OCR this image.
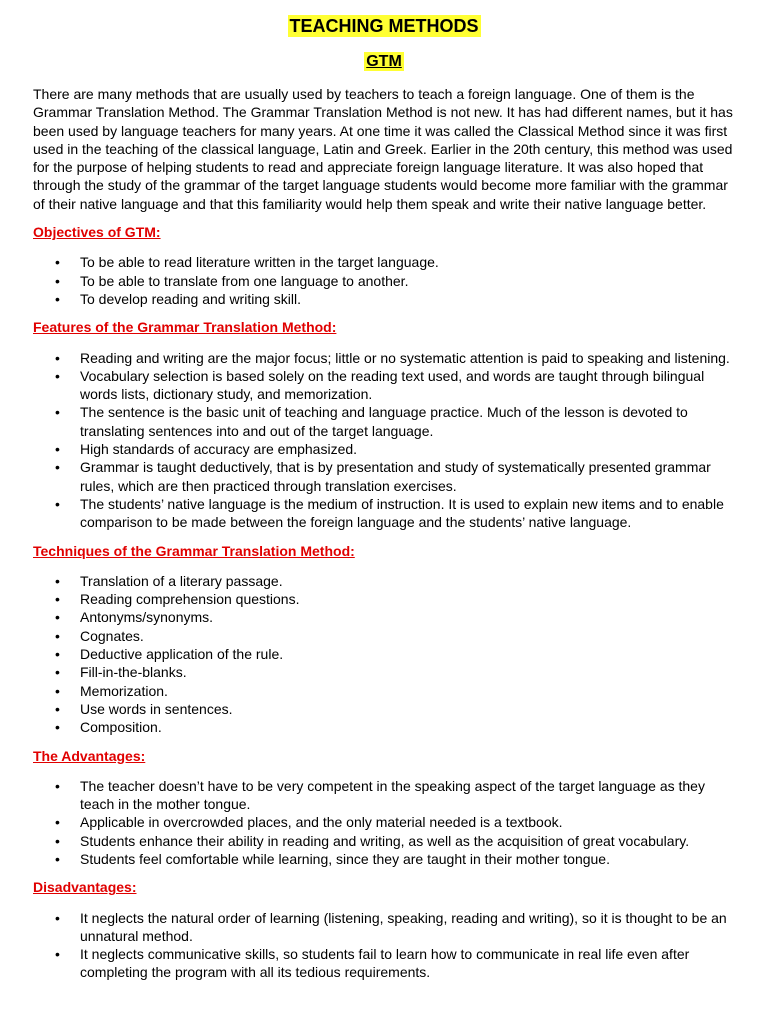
TEACHING METHODS
GTM

There are many methods that are usually used by teachers to teach a foreign language. One of them is the Grammar Translation Method. The Grammar Translation Method is not new. It has had different names, but it has been used by language teachers for many years. At one time it was called the Classical Method since it was first used in the teaching of the classical language, Latin and Greek. Earlier in the 20th century, this method was used for the purpose of helping students to read and appreciate foreign language literature. It was also hoped that through the study of the grammar of the target language students would become more familiar with the grammar of their native language and that this familiarity would help them speak and write their native language better.

Objectives of GTM:
• To be able to read literature written in the target language.
• To be able to translate from one language to another.
• To develop reading and writing skill.
Features of the Grammar Translation Method:
• Reading and writing are the major focus; little or no systematic attention is paid to speaking and listening.
• Vocabulary selection is based solely on the reading text used, and words are taught through bilingual words lists, dictionary study, and memorization.
• The sentence is the basic unit of teaching and language practice. Much of the lesson is devoted to translating sentences into and out of the target language.
• High standards of accuracy are emphasized.
• Grammar is taught deductively, that is by presentation and study of systematically presented grammar rules, which are then practiced through translation exercises.
• The students’ native language is the medium of instruction. It is used to explain new items and to enable comparison to be made between the foreign language and the students’ native language.
Techniques of the Grammar Translation Method:
• Translation of a literary passage.
• Reading comprehension questions.
• Antonyms/synonyms.
• Cognates.
• Deductive application of the rule.
• Fill-in-the-blanks.
• Memorization.
• Use words in sentences.
• Composition.
The Advantages:
• The teacher doesn’t have to be very competent in the speaking aspect of the target language as they teach in the mother tongue.
• Applicable in overcrowded places, and the only material needed is a textbook.
• Students enhance their ability in reading and writing, as well as the acquisition of great vocabulary.
• Students feel comfortable while learning, since they are taught in their mother tongue.
Disadvantages:
• It neglects the natural order of learning (listening, speaking, reading and writing), so it is thought to be an unnatural method.
• It neglects communicative skills, so students fail to learn how to communicate in real life even after completing the program with all its tedious requirements.
